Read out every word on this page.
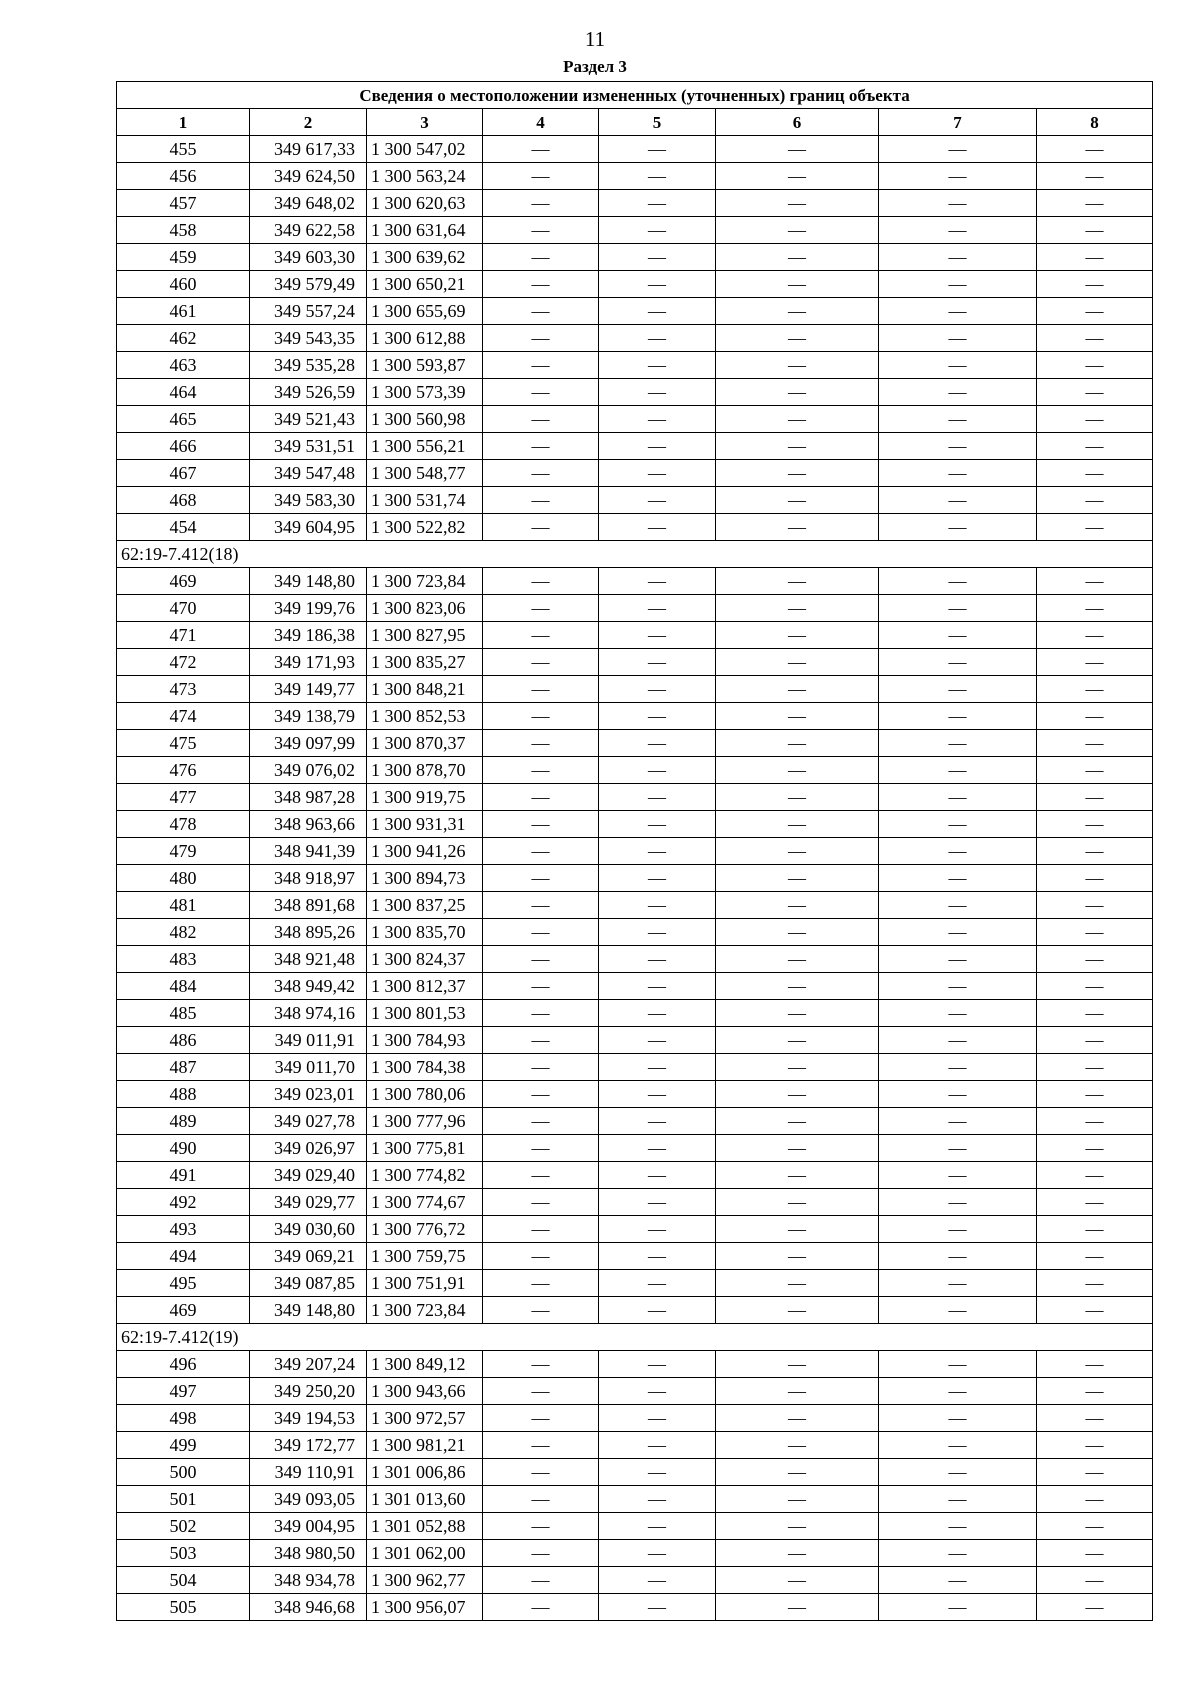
11
Раздел 3
Сведения о местоположении измененных (уточненных) границ объекта							
1	2	3	4	5	6	7	8
455	349 617,33	1 300 547,02	—	—	—	—	—
456	349 624,50	1 300 563,24	—	—	—	—	—
457	349 648,02	1 300 620,63	—	—	—	—	—
458	349 622,58	1 300 631,64	—	—	—	—	—
459	349 603,30	1 300 639,62	—	—	—	—	—
460	349 579,49	1 300 650,21	—	—	—	—	—
461	349 557,24	1 300 655,69	—	—	—	—	—
462	349 543,35	1 300 612,88	—	—	—	—	—
463	349 535,28	1 300 593,87	—	—	—	—	—
464	349 526,59	1 300 573,39	—	—	—	—	—
465	349 521,43	1 300 560,98	—	—	—	—	—
466	349 531,51	1 300 556,21	—	—	—	—	—
467	349 547,48	1 300 548,77	—	—	—	—	—
468	349 583,30	1 300 531,74	—	—	—	—	—
454	349 604,95	1 300 522,82	—	—	—	—	—
62:19-7.412(18)							
469	349 148,80	1 300 723,84	—	—	—	—	—
470	349 199,76	1 300 823,06	—	—	—	—	—
471	349 186,38	1 300 827,95	—	—	—	—	—
472	349 171,93	1 300 835,27	—	—	—	—	—
473	349 149,77	1 300 848,21	—	—	—	—	—
474	349 138,79	1 300 852,53	—	—	—	—	—
475	349 097,99	1 300 870,37	—	—	—	—	—
476	349 076,02	1 300 878,70	—	—	—	—	—
477	348 987,28	1 300 919,75	—	—	—	—	—
478	348 963,66	1 300 931,31	—	—	—	—	—
479	348 941,39	1 300 941,26	—	—	—	—	—
480	348 918,97	1 300 894,73	—	—	—	—	—
481	348 891,68	1 300 837,25	—	—	—	—	—
482	348 895,26	1 300 835,70	—	—	—	—	—
483	348 921,48	1 300 824,37	—	—	—	—	—
484	348 949,42	1 300 812,37	—	—	—	—	—
485	348 974,16	1 300 801,53	—	—	—	—	—
486	349 011,91	1 300 784,93	—	—	—	—	—
487	349 011,70	1 300 784,38	—	—	—	—	—
488	349 023,01	1 300 780,06	—	—	—	—	—
489	349 027,78	1 300 777,96	—	—	—	—	—
490	349 026,97	1 300 775,81	—	—	—	—	—
491	349 029,40	1 300 774,82	—	—	—	—	—
492	349 029,77	1 300 774,67	—	—	—	—	—
493	349 030,60	1 300 776,72	—	—	—	—	—
494	349 069,21	1 300 759,75	—	—	—	—	—
495	349 087,85	1 300 751,91	—	—	—	—	—
469	349 148,80	1 300 723,84	—	—	—	—	—
62:19-7.412(19)							
496	349 207,24	1 300 849,12	—	—	—	—	—
497	349 250,20	1 300 943,66	—	—	—	—	—
498	349 194,53	1 300 972,57	—	—	—	—	—
499	349 172,77	1 300 981,21	—	—	—	—	—
500	349 110,91	1 301 006,86	—	—	—	—	—
501	349 093,05	1 301 013,60	—	—	—	—	—
502	349 004,95	1 301 052,88	—	—	—	—	—
503	348 980,50	1 301 062,00	—	—	—	—	—
504	348 934,78	1 300 962,77	—	—	—	—	—
505	348 946,68	1 300 956,07	—	—	—	—	—
